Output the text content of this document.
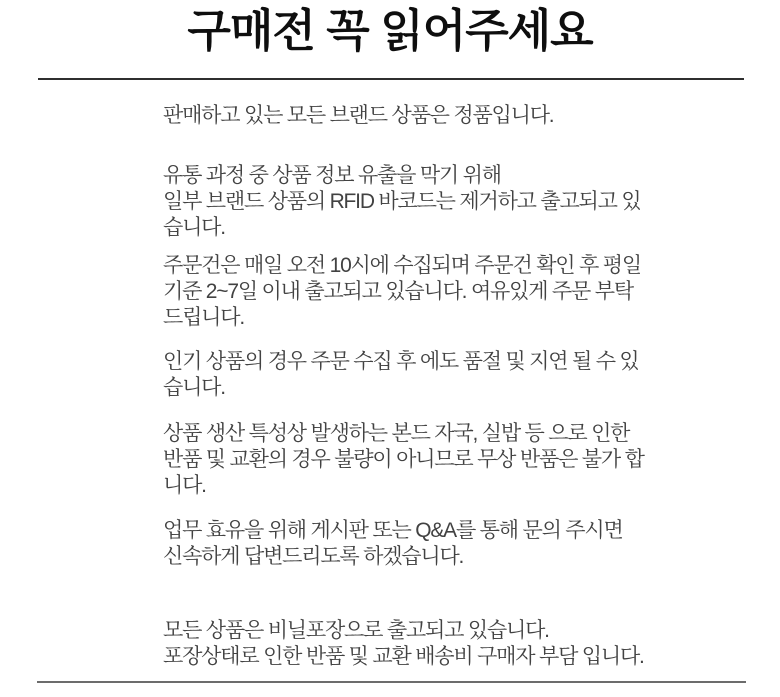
구매전 꼭 읽어주세요
판매하고 있는 모든 브랜드 상품은 정품입니다.
유통 과정 중 상품 정보 유출을 막기 위해
일부 브랜드 상품의 RFID 바코드는 제거하고 출고되고 있
습니다.
주문건은 매일 오전 10시에 수집되며 주문건 확인 후 평일
기준 2~7일 이내 출고되고 있습니다. 여유있게 주문 부탁
드립니다.
인기 상품의 경우 주문 수집 후 에도 품절 및 지연 될 수 있
습니다.
상품 생산 특성상 발생하는 본드 자국, 실밥 등 으로 인한
반품 및 교환의 경우 불량이 아니므로 무상 반품은 불가 합
니다.
업무 효유을 위해 게시판 또는 Q&A를 통해 문의 주시면
신속하게 답변드리도록 하겠습니다.
모든 상품은 비닐포장으로 출고되고 있습니다.
포장상태로 인한 반품 및 교환 배송비 구매자 부담 입니다.
